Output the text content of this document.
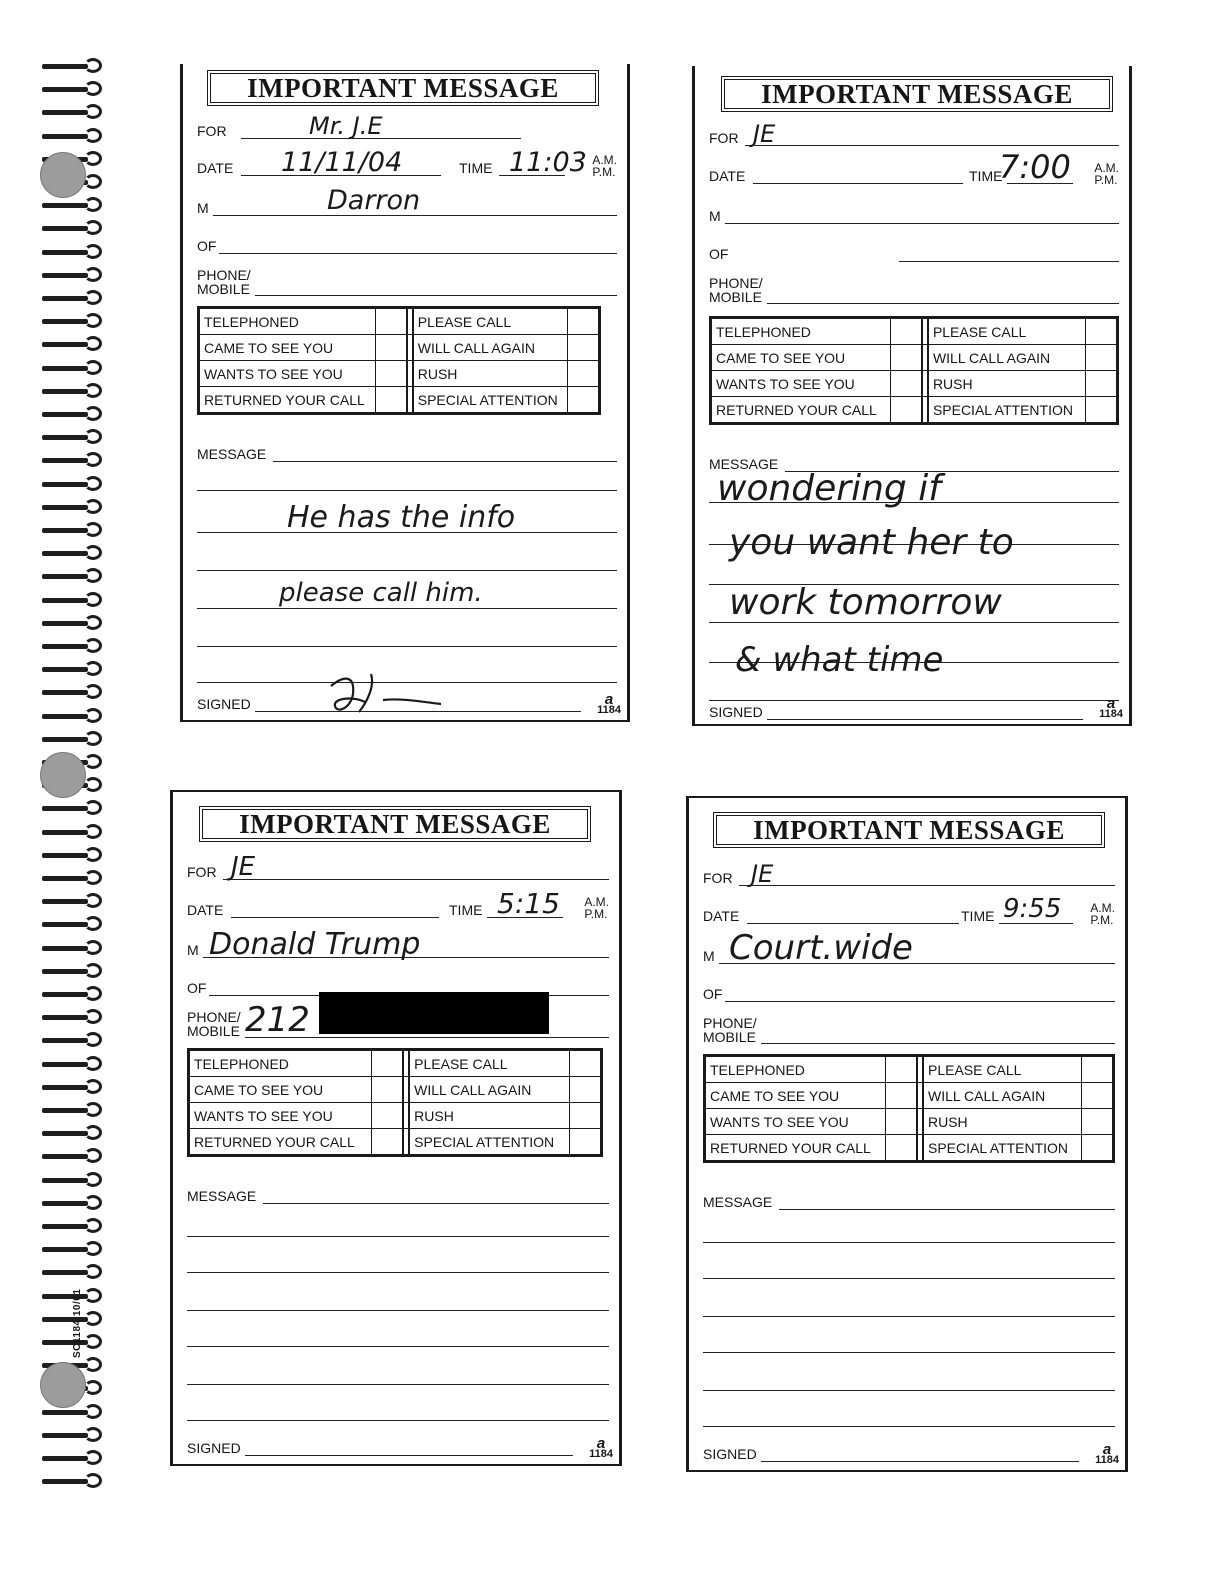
SC1184 10/01
IMPORTANT MESSAGE
FOR	Mr. J.E
DATE 11/11/04	TIME 11:03 A.M.
P.M.
M	Darron
OF
PHONE/
MOBILE
TELEPHONED			PLEASE CALL	
CAME TO SEE YOU			WILL CALL AGAIN	
WANTS TO SEE YOU			RUSH	
RETURNED YOUR CALL			SPECIAL ATTENTION	
MESSAGE
He has the info
please call him.
SIGNED	a
1184
IMPORTANT MESSAGE
FOR JE
DATE	TIME
7:00 A.M.
P.M.
M
OF
PHONE/
MOBILE
TELEPHONED			PLEASE CALL	
CAME TO SEE YOU			WILL CALL AGAIN	
WANTS TO SEE YOU			RUSH	
RETURNED YOUR CALL			SPECIAL ATTENTION	
MESSAGE
wondering if
you want her to
work tomorrow
& what time
SIGNED	a
1184
IMPORTANT MESSAGE
FOR JE
DATE	TIME 5:15 A.M.
P.M.
M Donald Trump
OF
PHONE/
MOBILE 212
TELEPHONED			PLEASE CALL	
CAME TO SEE YOU			WILL CALL AGAIN	
WANTS TO SEE YOU			RUSH	
RETURNED YOUR CALL			SPECIAL ATTENTION	
MESSAGE
SIGNED	a
1184
IMPORTANT MESSAGE
FOR JE
DATE	TIME 9:55 A.M.
P.M.
M Court.wide
OF
PHONE/
MOBILE
TELEPHONED			PLEASE CALL	
CAME TO SEE YOU			WILL CALL AGAIN	
WANTS TO SEE YOU			RUSH	
RETURNED YOUR CALL			SPECIAL ATTENTION	
MESSAGE
SIGNED	a
1184
